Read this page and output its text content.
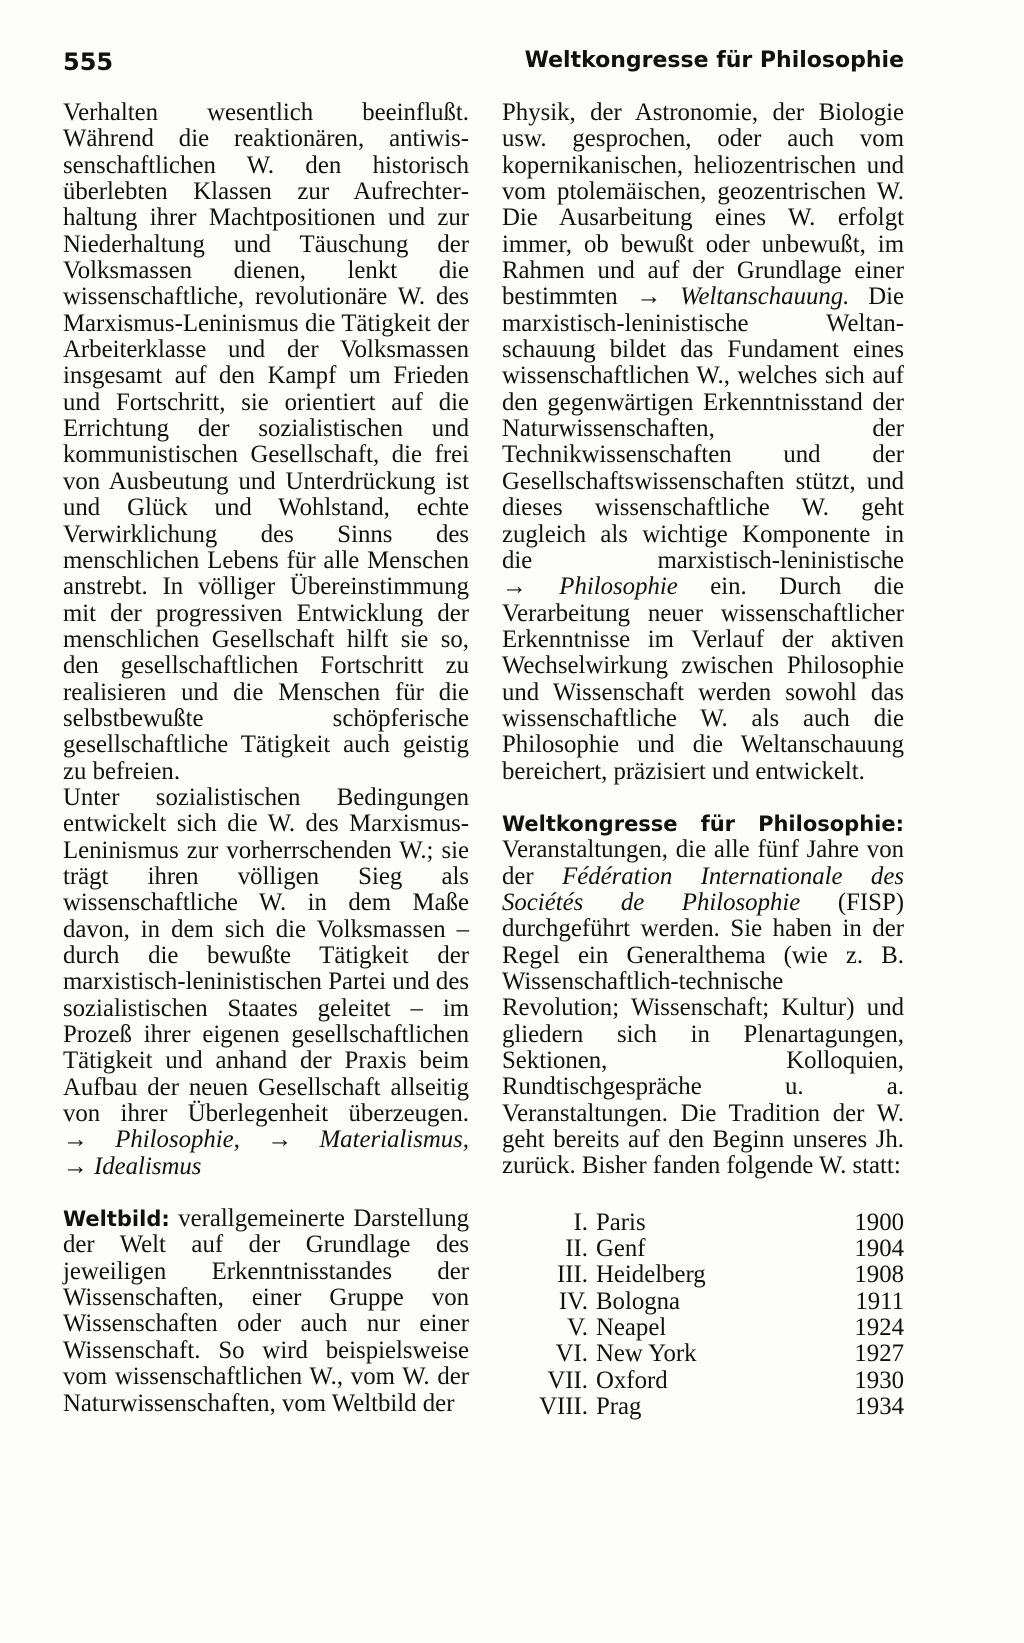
555	Weltkongresse für Philosophie

Verhalten wesentlich beeinflußt. Während die reaktionären, antiwissenschaftlichen W. den historisch überlebten Klassen zur Aufrechterhaltung ihrer Machtpositionen und zur Niederhaltung und Täuschung der Volksmassen dienen, lenkt die wissenschaftliche, revolutionäre W. des Marxismus-Leninismus die Tätigkeit der Arbeiterklasse und der Volksmassen insgesamt auf den Kampf um Frieden und Fortschritt, sie orientiert auf die Errichtung der sozialistischen und kommunistischen Gesellschaft, die frei von Ausbeutung und Unterdrückung ist und Glück und Wohlstand, echte Verwirklichung des Sinns des menschlichen Lebens für alle Menschen anstrebt. In völliger Übereinstimmung mit der progressiven Entwicklung der menschlichen Gesellschaft hilft sie so, den gesellschaftlichen Fortschritt zu realisieren und die Menschen für die selbstbewußte schöpferische gesellschaftliche Tätigkeit auch geistig zu befreien.

Unter sozialistischen Bedingungen entwickelt sich die W. des Marxismus-Leninismus zur vorherrschenden W.; sie trägt ihren völligen Sieg als wissenschaftliche W. in dem Maße davon, in dem sich die Volksmassen – durch die bewußte Tätigkeit der marxistisch-leninistischen Partei und des sozialistischen Staates geleitet – im Prozeß ihrer eigenen gesellschaftlichen Tätigkeit und anhand der Praxis beim Aufbau der neuen Gesellschaft allseitig von ihrer Überlegenheit überzeugen. → Philosophie, → Materialismus, → Idealismus

Weltbild: verallgemeinerte Darstellung der Welt auf der Grundlage des jeweiligen Erkenntnisstandes der Wissenschaften, einer Gruppe von Wissenschaften oder auch nur einer Wissenschaft. So wird beispielsweise vom wissenschaftlichen W., vom W. der Naturwissenschaften, vom Weltbild der

Physik, der Astronomie, der Biologie usw. gesprochen, oder auch vom kopernikanischen, heliozentrischen und vom ptolemäischen, geozentrischen W. Die Ausarbeitung eines W. erfolgt immer, ob bewußt oder unbewußt, im Rahmen und auf der Grundlage einer bestimmten → Weltanschauung. Die marxistisch-leninistische Weltanschauung bildet das Fundament eines wissenschaftlichen W., welches sich auf den gegenwärtigen Erkenntnisstand der Naturwissenschaften, der Technikwissenschaften und der Gesellschaftswissenschaften stützt, und dieses wissenschaftliche W. geht zugleich als wichtige Komponente in die marxistisch-leninistische → Philosophie ein. Durch die Verarbeitung neuer wissenschaftlicher Erkenntnisse im Verlauf der aktiven Wechselwirkung zwischen Philosophie und Wissenschaft werden sowohl das wissenschaftliche W. als auch die Philosophie und die Weltanschauung bereichert, präzisiert und entwickelt.

Weltkongresse für Philosophie: Veranstaltungen, die alle fünf Jahre von der Fédération Internationale des Sociétés de Philosophie (FISP) durchgeführt werden. Sie haben in der Regel ein Generalthema (wie z. B. Wissenschaftlich-technische Revolution; Wissenschaft; Kultur) und gliedern sich in Plenartagungen, Sektionen, Kolloquien, Rundtischgespräche u. a. Veranstaltungen. Die Tradition der W. geht bereits auf den Beginn unseres Jh. zurück. Bisher fanden folgende W. statt:

I.	Paris	1900
II.	Genf	1904
III.	Heidelberg	1908
IV.	Bologna	1911
V.	Neapel	1924
VI.	New York	1927
VII.	Oxford	1930
VIII.	Prag	1934
